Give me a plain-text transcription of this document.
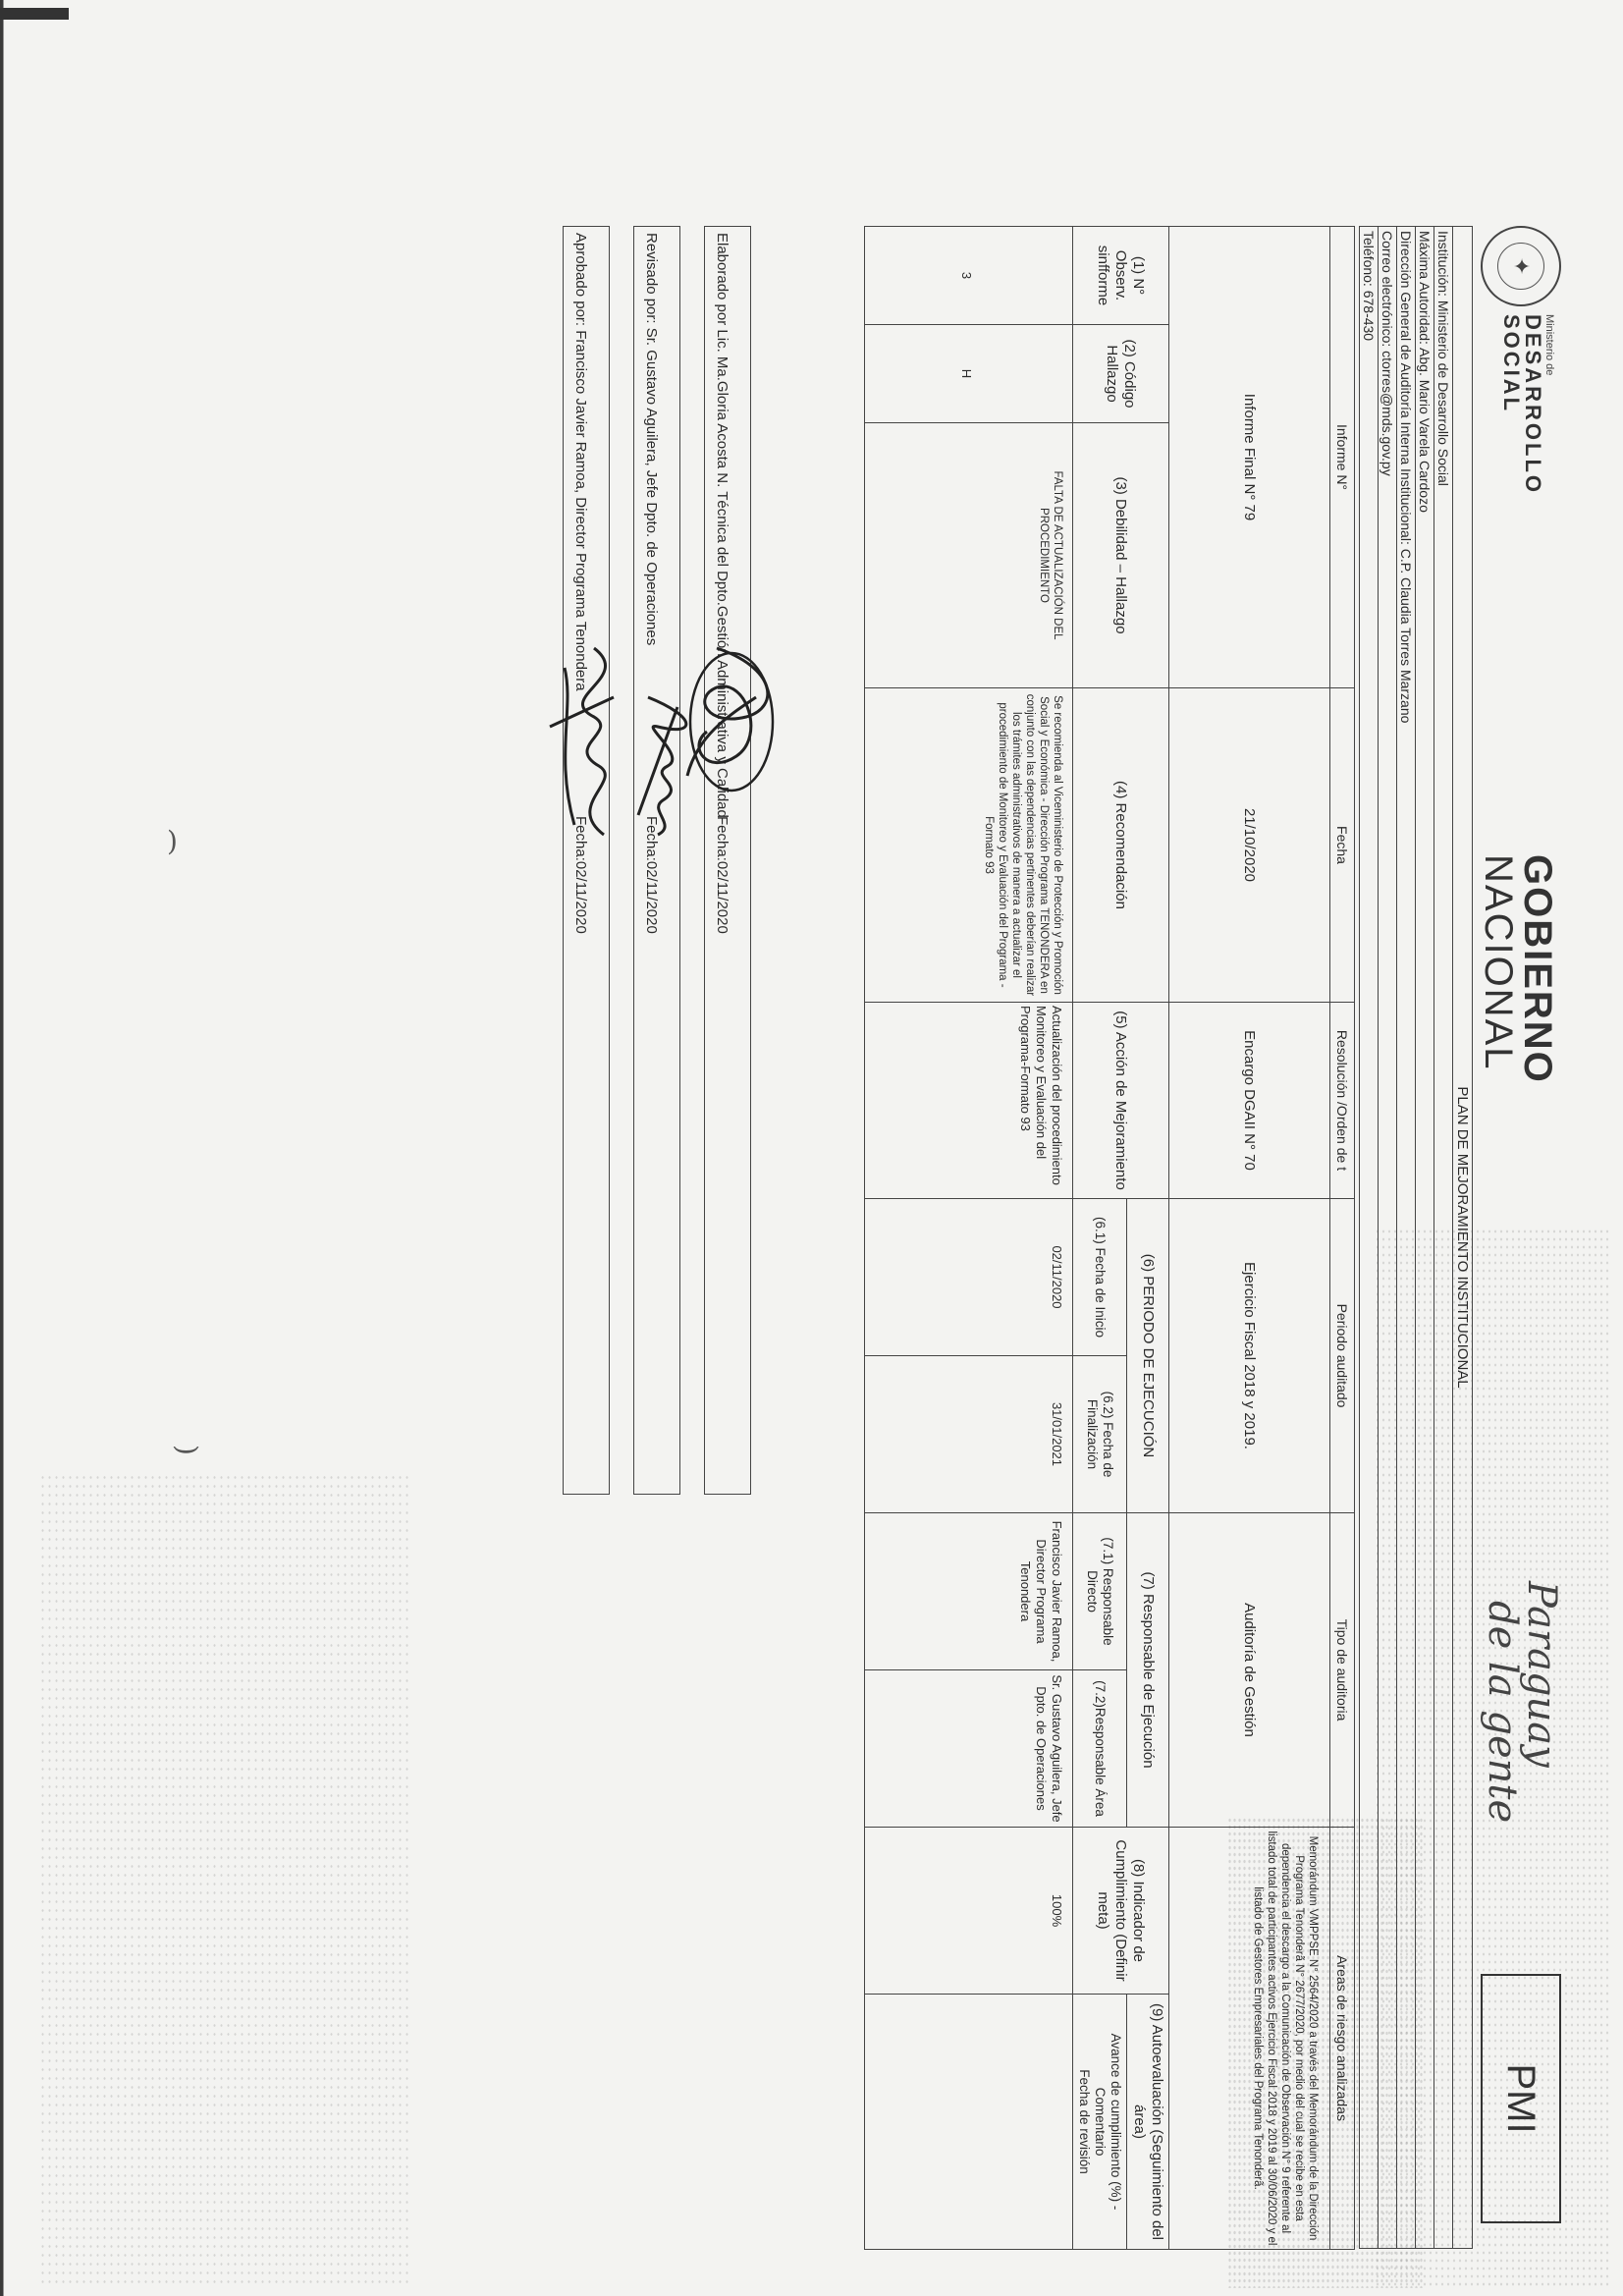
)
)
✦
Ministerio de
DESARROLLO
SOCIAL
GOBIERNO
NACIONAL
Paraguay
de la gente
PMI
PLAN DE MEJORAMIENTO INSTITUCIONAL
Institución: Ministerio de Desarrollo Social
Máxima Autoridad: Abg. Mario Varela Cardozo
Dirección General de Auditoría Interna Institucional: C.P. Claudia Torres Marzano
Correo electrónico: ctorres@mds.gov.py
Teléfono: 678-430
Informe N°			Fecha	Resolución /Orden de t	Periodo auditado		Tipo de auditoria		Areas de riesgo analizadas	
Informe Final N° 79			21/10/2020	Encargo DGAII N° 70	Ejercicio Fiscal 2018 y 2019.		Auditoría de Gestión		Memorándum VMPPSE N° 2564/2020 a través del Memorándum de la Dirección Programa Tenonderã N° 2677/2020, por medio del cual se recibe en esta dependencia el descargo a la Comunicación de Observación N° 9 referente al listado total de participantes activos Ejercicio Fiscal 2018 y 2019 al 30/06/2020 y el listado de Gestores Empresariales del Programa Tenonderã.	
(1) N° Observ. sinfforme	(2) Código Hallazgo	(3) Debilidad – Hallazgo	(4) Recomendación	(5) Acción de Mejoramiento	(6) PERIODO DE EJECUCIÓN		(7) Responsable de Ejecución		(8) Indicador de Cumplimiento (Definir meta)	(9) Autoevaluación (Seguimiento del área)
					(6.1) Fecha de Inicio	(6.2) Fecha de Finalización	(7.1) Responsable Directo	(7.2)Responsable Área		Avance de cumplimiento (%) - Comentario
Fecha de revisión

3	H	FALTA DE ACTUALIZACIÓN DEL PROCEDIMIENTO	Se recomienda al Viceministerio de Protección y Promoción Social y Económica - Dirección Programa TENONDERA en conjunto con las dependencias pertinentes deberían realizar los trámites administrativos de manera a actualizar el procedimiento de Monitoreo y Evaluación del Programa - Formato 93	Actualización del procedimiento Monitoreo y Evaluación del Programa-Formato 93	02/11/2020	31/01/2021	Francisco Javier Ramoa, Director Programa Tenondera	Sr. Gustavo Aguilera, Jefe Dpto. de Operaciones	100%	
Elaborado por Lic. Ma.Gloria Acosta N. Técnica del Dpto.Gestión Administrativa y Calidad
Fecha:02/11/2020
Revisado por: Sr. Gustavo Aguilera, Jefe Dpto. de Operaciones
Fecha:02/11/2020
Aprobado por: Francisco Javier Ramoa, Director Programa Tenondera
Fecha:02/11/2020
